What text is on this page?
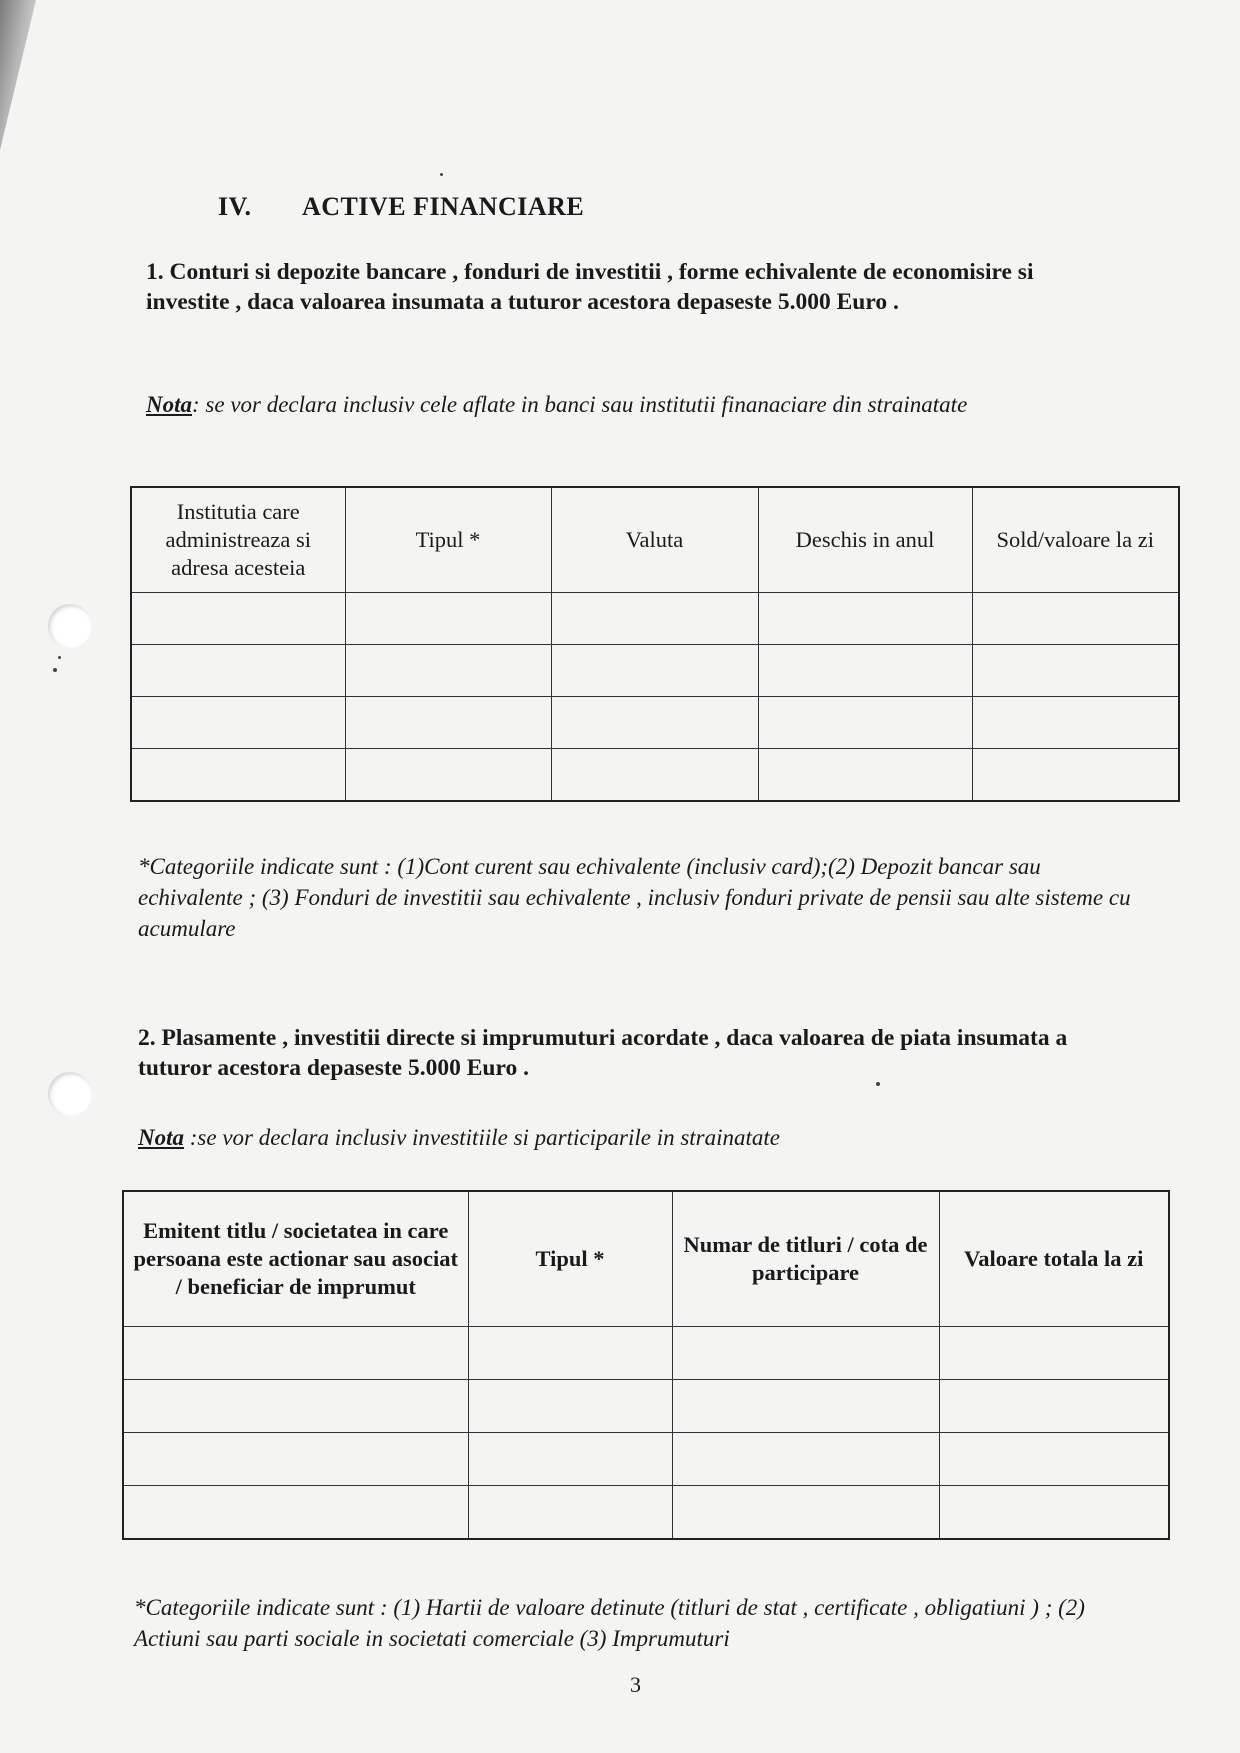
IV. ACTIVE FINANCIARE

1. Conturi si depozite bancare , fonduri de investitii , forme echivalente de economisire si investite , daca valoarea insumata a tuturor acestora depaseste 5.000 Euro .

Nota: se vor declara inclusiv cele aflate in banci sau institutii finanaciare din strainatate

Institutia care administreaza si adresa acesteia	Tipul *	Valuta	Deschis in anul	Sold/valoare la zi

*Categoriile indicate sunt : (1)Cont curent sau echivalente (inclusiv card);(2) Depozit bancar sau echivalente ; (3) Fonduri de investitii sau echivalente , inclusiv fonduri private de pensii sau alte sisteme cu acumulare

2. Plasamente , investitii directe si imprumuturi acordate , daca valoarea de piata insumata a tuturor acestora depaseste 5.000 Euro .

Nota :se vor declara inclusiv investitiile si participarile in strainatate

Emitent titlu / societatea in care persoana este actionar sau asociat / beneficiar de imprumut	Tipul *	Numar de titluri / cota de participare	Valoare totala la zi

*Categoriile indicate sunt : (1) Hartii de valoare detinute (titluri de stat , certificate , obligatiuni ) ; (2) Actiuni sau parti sociale in societati comerciale (3) Imprumuturi

3
